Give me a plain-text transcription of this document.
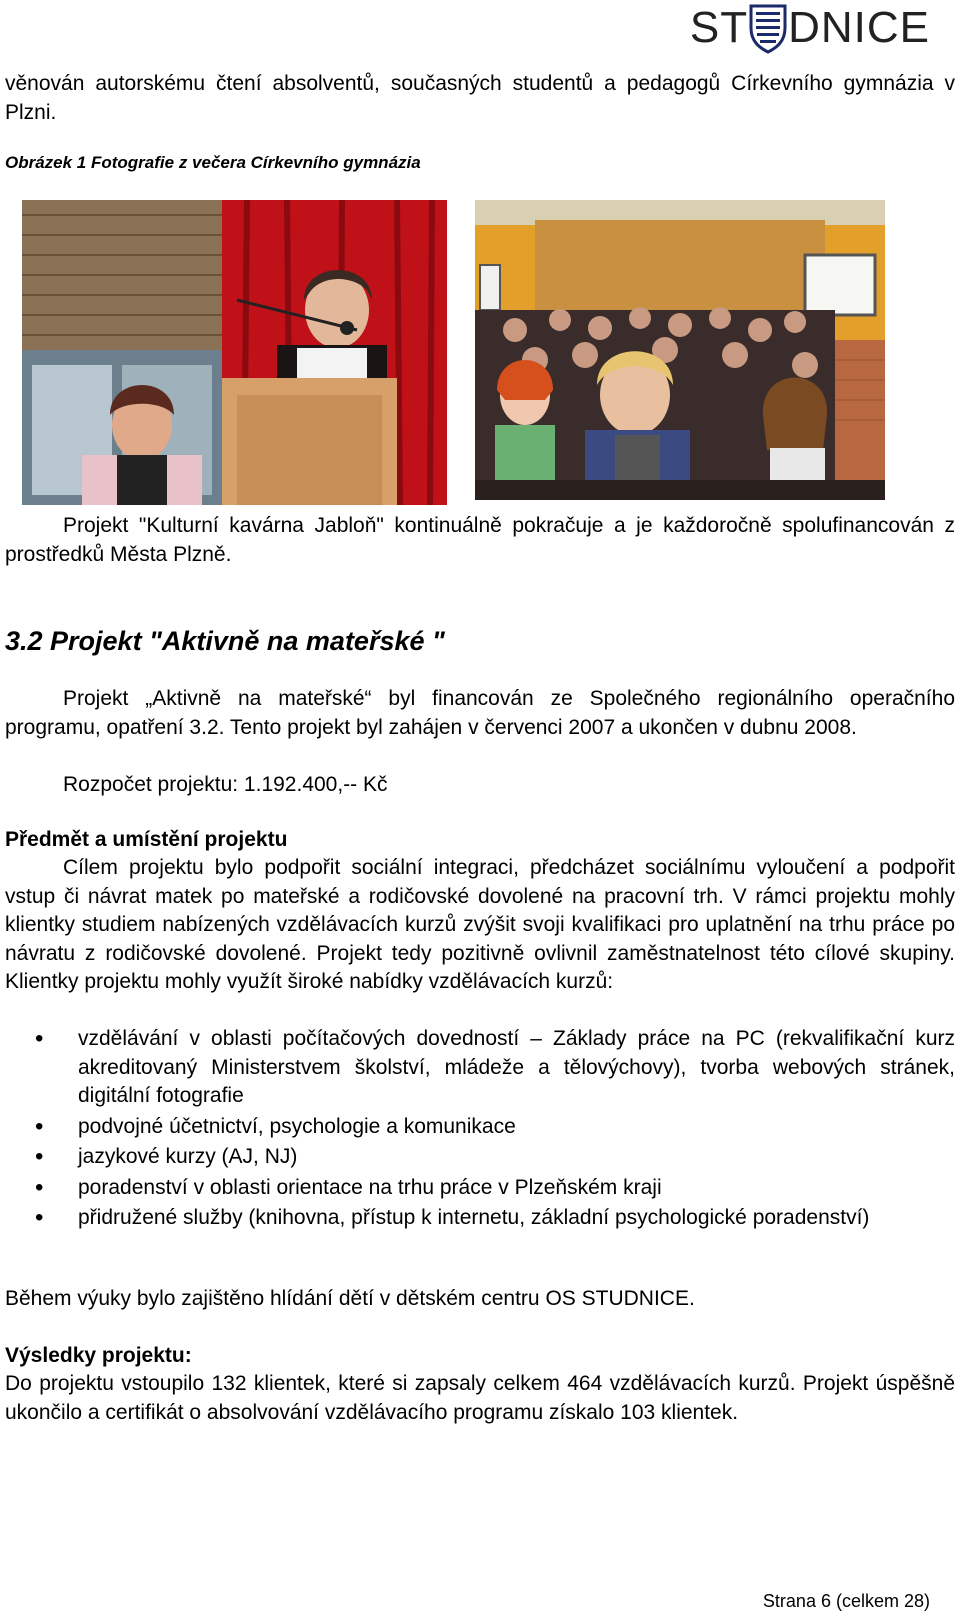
ST DNICE
věnován autorskému čtení absolventů, současných studentů a pedagogů Církevního gymnázia v Plzni.
Obrázek 1 Fotografie z večera Církevního gymnázia
Projekt "Kulturní kavárna Jabloň" kontinuálně pokračuje a je každoročně spolufinancován z prostředků Města Plzně.
3.2 Projekt "Aktivně na mateřské "
Projekt „Aktivně na mateřské“ byl financován ze Společného regionálního operačního programu, opatření 3.2. Tento projekt byl zahájen v červenci 2007 a ukončen v dubnu 2008.
Rozpočet projektu: 1.192.400,-- Kč
Předmět a umístění projektu
Cílem projektu bylo podpořit sociální integraci, předcházet sociálnímu vyloučení a podpořit vstup či návrat matek po mateřské a rodičovské dovolené na pracovní trh. V rámci projektu mohly klientky studiem nabízených vzdělávacích kurzů zvýšit svoji kvalifikaci pro uplatnění na trhu práce po návratu z rodičovské dovolené. Projekt tedy pozitivně ovlivnil zaměstnatelnost této cílové skupiny. Klientky projektu mohly využít široké nabídky vzdělávacích kurzů:
• vzdělávání v oblasti počítačových dovedností – Základy práce na PC (rekvalifikační kurz akreditovaný Ministerstvem školství, mládeže a tělovýchovy), tvorba webových stránek, digitální fotografie
• podvojné účetnictví, psychologie a komunikace
• jazykové kurzy (AJ, NJ)
• poradenství v oblasti orientace na trhu práce v Plzeňském kraji
• přidružené služby (knihovna, přístup k internetu, základní psychologické poradenství)
Během výuky bylo zajištěno hlídání dětí v dětském centru OS STUDNICE.
Výsledky projektu:
Do projektu vstoupilo 132 klientek, které si zapsaly celkem 464 vzdělávacích kurzů. Projekt úspěšně ukončilo a certifikát o absolvování vzdělávacího programu získalo 103 klientek.
Strana 6 (celkem 28)
